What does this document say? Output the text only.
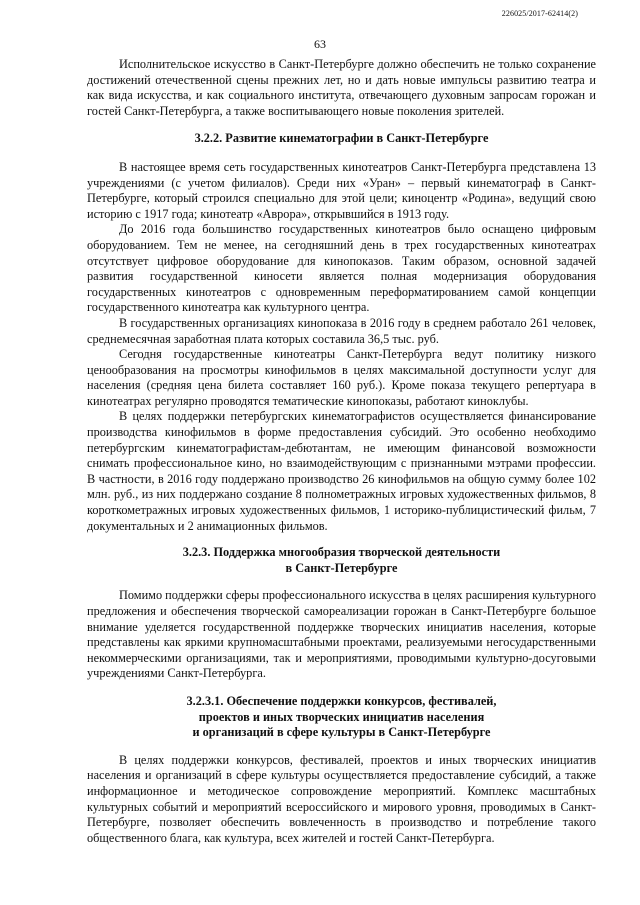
226025/2017-62414(2)
63

Исполнительское искусство в Санкт-Петербурге должно обеспечить не только сохранение достижений отечественной сцены прежних лет, но и дать новые импульсы развитию театра и как вида искусства, и как социального института, отвечающего духовным запросам горожан и гостей Санкт-Петербурга, а также воспитывающего новые поколения зрителей.

3.2.2. Развитие кинематографии в Санкт-Петербурге

В настоящее время сеть государственных кинотеатров Санкт-Петербурга представлена 13 учреждениями (с учетом филиалов). Среди них «Уран» – первый кинематограф в Санкт-Петербурге, который строился специально для этой цели; киноцентр «Родина», ведущий свою историю с 1917 года; кинотеатр «Аврора», открывшийся в 1913 году.

До 2016 года большинство государственных кинотеатров было оснащено цифровым оборудованием. Тем не менее, на сегодняшний день в трех государственных кинотеатрах отсутствует цифровое оборудование для кинопоказов. Таким образом, основной задачей развития государственной киносети является полная модернизация оборудования государственных кинотеатров с одновременным переформатированием самой концепции государственного кинотеатра как культурного центра.

В государственных организациях кинопоказа в 2016 году в среднем работало 261 человек, среднемесячная заработная плата которых составила 36,5 тыс. руб.

Сегодня государственные кинотеатры Санкт-Петербурга ведут политику низкого ценообразования на просмотры кинофильмов в целях максимальной доступности услуг для населения (средняя цена билета составляет 160 руб.). Кроме показа текущего репертуара в кинотеатрах регулярно проводятся тематические кинопоказы, работают киноклубы.

В целях поддержки петербургских кинематографистов осуществляется финансирование производства кинофильмов в форме предоставления субсидий. Это особенно необходимо петербургским кинематографистам-дебютантам, не имеющим финансовой возможности снимать профессиональное кино, но взаимодействующим с признанными мэтрами профессии. В частности, в 2016 году поддержано производство 26 кинофильмов на общую сумму более 102 млн. руб., из них поддержано создание 8 полнометражных игровых художественных фильмов, 8 короткометражных игровых художественных фильмов, 1 историко-публицистический фильм, 7 документальных и 2 анимационных фильмов.

3.2.3. Поддержка многообразия творческой деятельности
в Санкт-Петербурге

Помимо поддержки сферы профессионального искусства в целях расширения культурного предложения и обеспечения творческой самореализации горожан в Санкт-Петербурге большое внимание уделяется государственной поддержке творческих инициатив населения, которые представлены как яркими крупномасштабными проектами, реализуемыми негосударственными некоммерческими организациями, так и мероприятиями, проводимыми культурно-досуговыми учреждениями Санкт-Петербурга.

3.2.3.1. Обеспечение поддержки конкурсов, фестивалей,
проектов и иных творческих инициатив населения
и организаций в сфере культуры в Санкт-Петербурге

В целях поддержки конкурсов, фестивалей, проектов и иных творческих инициатив населения и организаций в сфере культуры осуществляется предоставление субсидий, а также информационное и методическое сопровождение мероприятий. Комплекс масштабных культурных событий и мероприятий всероссийского и мирового уровня, проводимых в Санкт-Петербурге, позволяет обеспечить вовлеченность в производство и потребление такого общественного блага, как культура, всех жителей и гостей Санкт-Петербурга.
